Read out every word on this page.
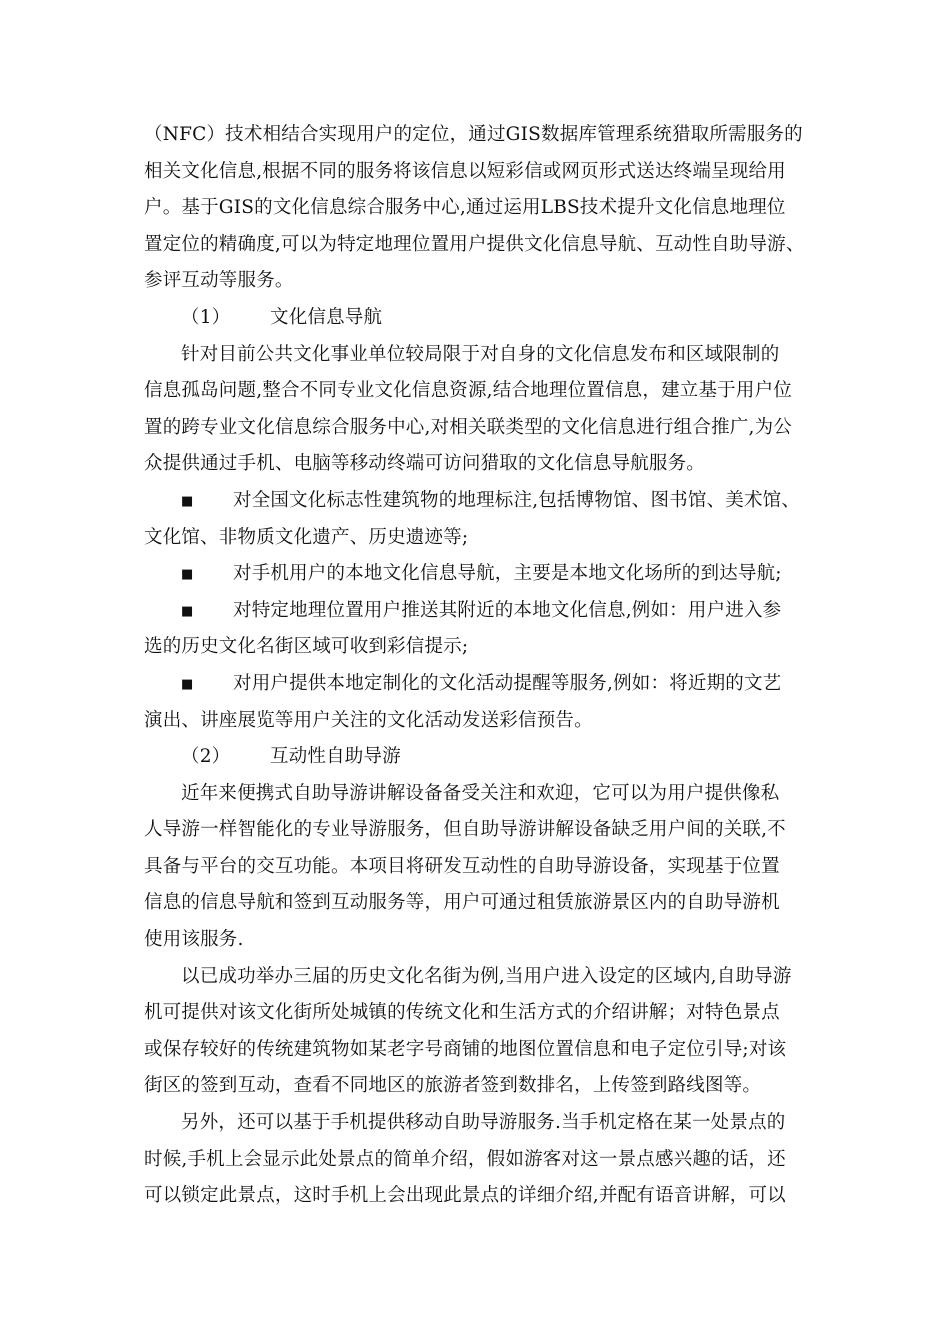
（NFC）技术相结合实现用户的定位，通过GIS数据库管理系统猎取所需服务的
相关文化信息,根据不同的服务将该信息以短彩信或网页形式送达终端呈现给用
户。基于GIS的文化信息综合服务中心,通过运用LBS技术提升文化信息地理位
置定位的精确度,可以为特定地理位置用户提供文化信息导航、互动性自助导游、
参评互动等服务。
（1） 文化信息导航
针对目前公共文化事业单位较局限于对自身的文化信息发布和区域限制的
信息孤岛问题,整合不同专业文化信息资源,结合地理位置信息，建立基于用户位
置的跨专业文化信息综合服务中心,对相关联类型的文化信息进行组合推广,为公
众提供通过手机、电脑等移动终端可访问猎取的文化信息导航服务。
■ 对全国文化标志性建筑物的地理标注,包括博物馆、图书馆、美术馆、
文化馆、非物质文化遗产、历史遗迹等;
■ 对手机用户的本地文化信息导航，主要是本地文化场所的到达导航;
■ 对特定地理位置用户推送其附近的本地文化信息,例如：用户进入参
选的历史文化名街区域可收到彩信提示;
■ 对用户提供本地定制化的文化活动提醒等服务,例如：将近期的文艺
演出、讲座展览等用户关注的文化活动发送彩信预告。
（2） 互动性自助导游
近年来便携式自助导游讲解设备备受关注和欢迎，它可以为用户提供像私
人导游一样智能化的专业导游服务，但自助导游讲解设备缺乏用户间的关联,不
具备与平台的交互功能。本项目将研发互动性的自助导游设备，实现基于位置
信息的信息导航和签到互动服务等，用户可通过租赁旅游景区内的自助导游机
使用该服务.
以已成功举办三届的历史文化名街为例,当用户进入设定的区域内,自助导游
机可提供对该文化街所处城镇的传统文化和生活方式的介绍讲解；对特色景点
或保存较好的传统建筑物如某老字号商铺的地图位置信息和电子定位引导;对该
街区的签到互动，查看不同地区的旅游者签到数排名，上传签到路线图等。
另外，还可以基于手机提供移动自助导游服务.当手机定格在某一处景点的
时候,手机上会显示此处景点的简单介绍，假如游客对这一景点感兴趣的话，还
可以锁定此景点，这时手机上会出现此景点的详细介绍,并配有语音讲解，可以
